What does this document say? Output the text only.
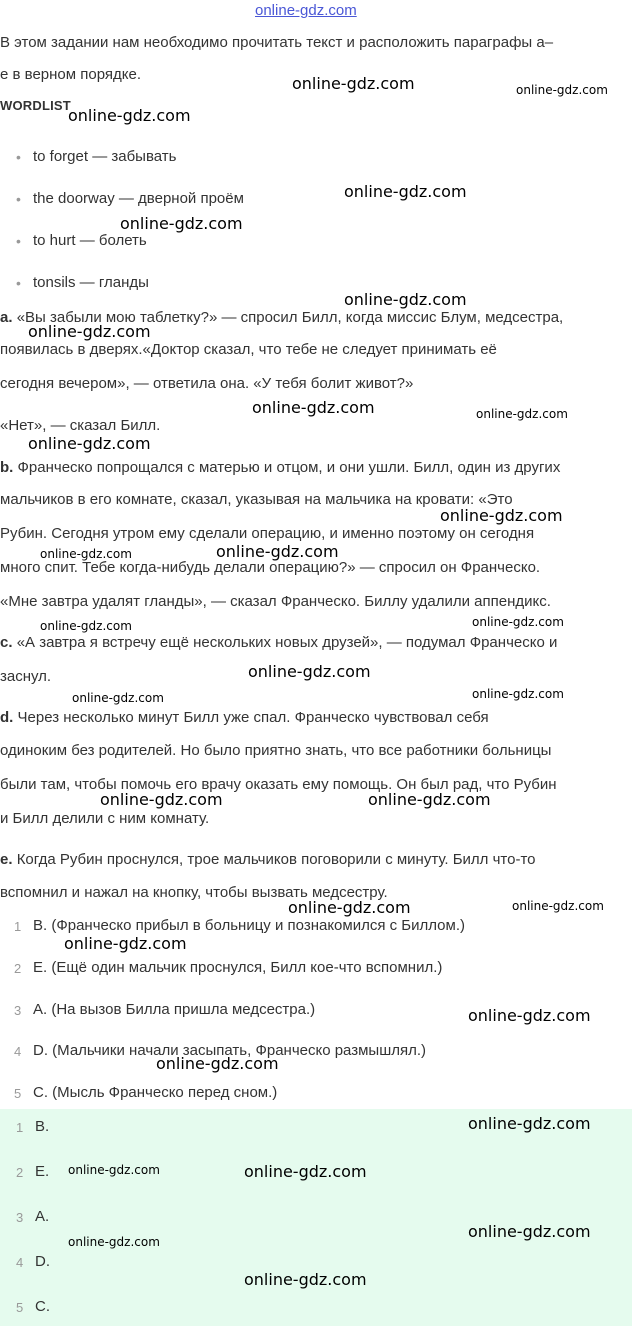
online-gdz.com
В этом задании нам необходимо прочитать текст и расположить параграфы a–
e в верном порядке.
WORDLIST
• to forget — забывать
• the doorway — дверной проём
• to hurt — болеть
• tonsils — гланды
a. «Вы забыли мою таблетку?» — спросил Билл, когда миссис Блум, медсестра,
появилась в дверях.«Доктор сказал, что тебе не следует принимать её
сегодня вечером», — ответила она. «У тебя болит живот?»
«Нет», — сказал Билл.
b. Франческо попрощался с матерью и отцом, и они ушли. Билл, один из других
мальчиков в его комнате, сказал, указывая на мальчика на кровати: «Это
Рубин. Сегодня утром ему сделали операцию, и именно поэтому он сегодня
много спит. Тебе когда-нибудь делали операцию?» — спросил он Франческо.
«Мне завтра удалят гланды», — сказал Франческо. Биллу удалили аппендикс.
c. «А завтра я встречу ещё нескольких новых друзей», — подумал Франческо и
заснул.
d. Через несколько минут Билл уже спал. Франческо чувствовал себя
одиноким без родителей. Но было приятно знать, что все работники больницы
были там, чтобы помочь его врачу оказать ему помощь. Он был рад, что Рубин
и Билл делили с ним комнату.
e. Когда Рубин проснулся, трое мальчиков поговорили с минуту. Билл что-то
вспомнил и нажал на кнопку, чтобы вызвать медсестру.
1 B. (Франческо прибыл в больницу и познакомился с Биллом.)
2 E. (Ещё один мальчик проснулся, Билл кое-что вспомнил.)
3 A. (На вызов Билла пришла медсестра.)
4 D. (Мальчики начали засыпать, Франческо размышлял.)
5 C. (Мысль Франческо перед сном.)
1 B.
2 E.
3 A.
4 D.
5 C.
online-gdz.com	online-gdz.com
online-gdz.com
online-gdz.com
online-gdz.com
online-gdz.com
online-gdz.com
online-gdz.com	online-gdz.com
online-gdz.com
online-gdz.com
online-gdz.com	online-gdz.com
online-gdz.com	online-gdz.com
online-gdz.com
online-gdz.com	online-gdz.com
online-gdz.com	online-gdz.com
online-gdz.com	online-gdz.com
online-gdz.com
online-gdz.com
online-gdz.com
online-gdz.com
online-gdz.com	online-gdz.com
online-gdz.com
online-gdz.com
online-gdz.com
